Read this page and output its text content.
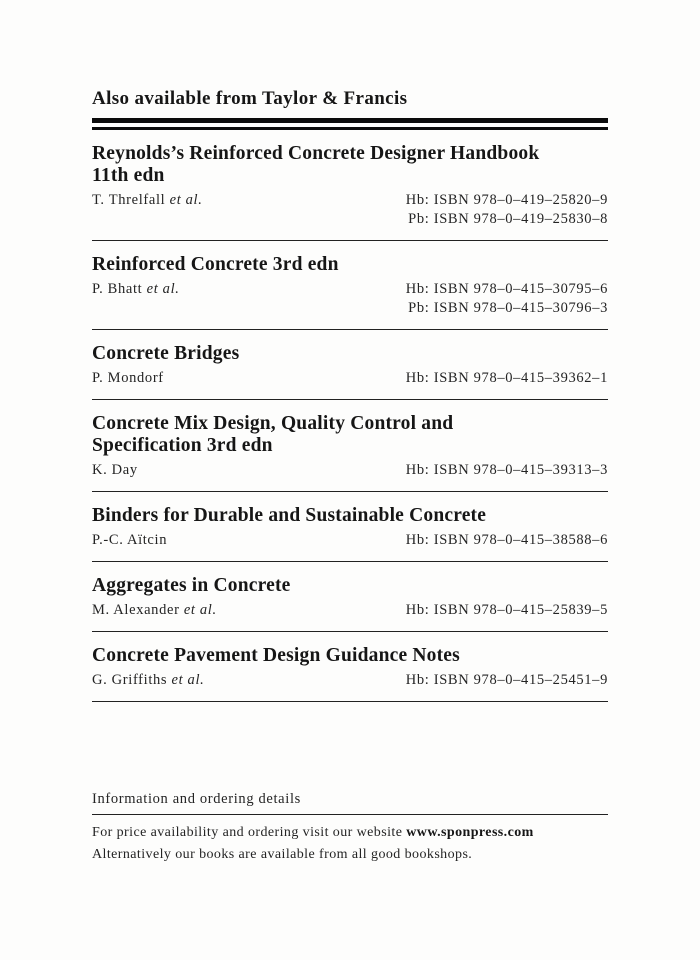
Also available from Taylor & Francis
Reynolds’s Reinforced Concrete Designer Handbook
11th edn
T. Threlfall et al.	Hb: ISBN 978–0–419–25820–9
Pb: ISBN 978–0–419–25830–8
Reinforced Concrete 3rd edn
P. Bhatt et al.	Hb: ISBN 978–0–415–30795–6
Pb: ISBN 978–0–415–30796–3
Concrete Bridges
P. Mondorf	Hb: ISBN 978–0–415–39362–1
Concrete Mix Design, Quality Control and
Specification 3rd edn
K. Day	Hb: ISBN 978–0–415–39313–3
Binders for Durable and Sustainable Concrete
P.-C. Aïtcin	Hb: ISBN 978–0–415–38588–6
Aggregates in Concrete
M. Alexander et al.	Hb: ISBN 978–0–415–25839–5
Concrete Pavement Design Guidance Notes
G. Griffiths et al.	Hb: ISBN 978–0–415–25451–9
Information and ordering details
For price availability and ordering visit our website www.sponpress.com
Alternatively our books are available from all good bookshops.
